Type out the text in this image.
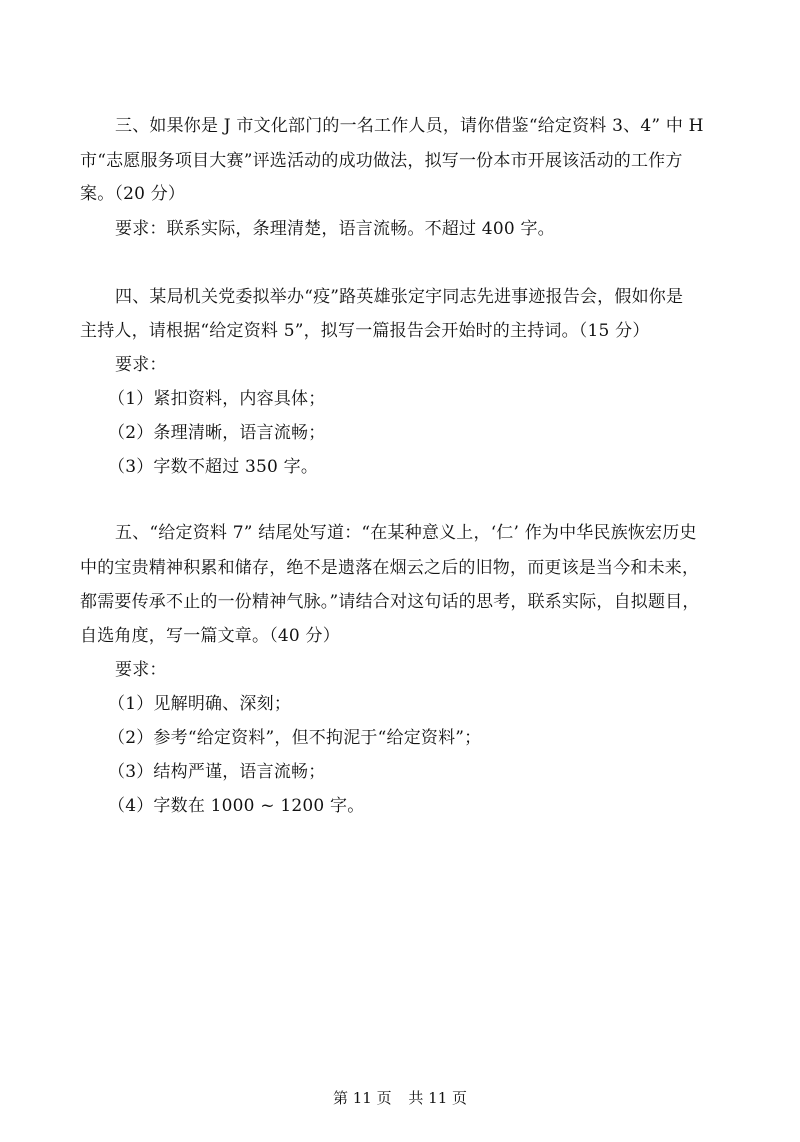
三、如果你是 J 市文化部门的一名工作人员，请你借鉴“给定资料 3、4” 中 H
市“志愿服务项目大赛”评选活动的成功做法，拟写一份本市开展该活动的工作方
案。（20 分）
要求：联系实际，条理清楚，语言流畅。不超过 400 字。
四、某局机关党委拟举办“疫”路英雄张定宇同志先进事迹报告会，假如你是
主持人，请根据“给定资料 5”，拟写一篇报告会开始时的主持词。（15 分）
要求：
（1）紧扣资料，内容具体；
（2）条理清晰，语言流畅；
（3）字数不超过 350 字。
五、“给定资料 7” 结尾处写道：“在某种意义上，‘仁’ 作为中华民族恢宏历史
中的宝贵精神积累和储存，绝不是遗落在烟云之后的旧物，而更该是当今和未来，
都需要传承不止的一份精神气脉。”请结合对这句话的思考，联系实际，自拟题目，
自选角度，写一篇文章。（40 分）
要求：
（1）见解明确、深刻；
（2）参考“给定资料”，但不拘泥于“给定资料”；
（3）结构严谨，语言流畅；
（4）字数在 1000 ~ 1200 字。
第 11 页 共 11 页
